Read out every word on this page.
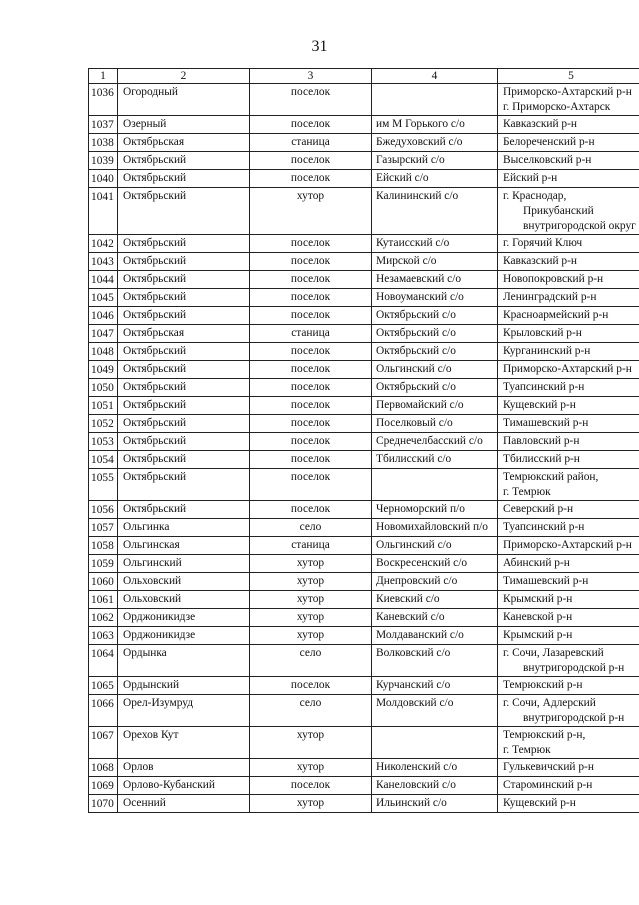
31
1	2	3	4	5
1036	Огородный	поселок		Приморско-Ахтарский р-н
г. Приморско-Ахтарск

1037	Озерный	поселок	им М Горького с/о	Кавказский р-н

1038	Октябрьская	станица	Бжедуховский с/о	Белореченский р-н

1039	Октябрьский	поселок	Газырский с/о	Выселковский р-н

1040	Октябрьский	поселок	Ейский с/о	Ейский р-н

1041	Октябрьский	хутор	Калининский с/о	г. Краснодар,
Прикубанский
внутригородской округ

1042	Октябрьский	поселок	Кутаисский с/о	г. Горячий Ключ

1043	Октябрьский	поселок	Мирской с/о	Кавказский р-н

1044	Октябрьский	поселок	Незамаевский с/о	Новопокровский р-н

1045	Октябрьский	поселок	Новоуманский с/о	Ленинградский р-н

1046	Октябрьский	поселок	Октябрьский с/о	Красноармейский р-н

1047	Октябрьская	станица	Октябрьский с/о	Крыловский р-н

1048	Октябрьский	поселок	Октябрьский с/о	Курганинский р-н

1049	Октябрьский	поселок	Ольгинский с/о	Приморско-Ахтарский р-н

1050	Октябрьский	поселок	Октябрьский с/о	Туапсинский р-н

1051	Октябрьский	поселок	Первомайский с/о	Кущевский р-н

1052	Октябрьский	поселок	Поселковый с/о	Тимашевский р-н

1053	Октябрьский	поселок	Среднечелбасский с/о	Павловский р-н

1054	Октябрьский	поселок	Тбилисский с/о	Тбилисский р-н

1055	Октябрьский	поселок		Темрюкский район,
г. Темрюк

1056	Октябрьский	поселок	Черноморский п/о	Северский р-н

1057	Ольгинка	село	Новомихайловский п/о	Туапсинский р-н

1058	Ольгинская	станица	Ольгинский с/о	Приморско-Ахтарский р-н

1059	Ольгинский	хутор	Воскресенский с/о	Абинский р-н

1060	Ольховский	хутор	Днепровский с/о	Тимашевский р-н

1061	Ольховский	хутор	Киевский с/о	Крымский р-н

1062	Орджоникидзе	хутор	Каневский с/о	Каневской р-н

1063	Орджоникидзе	хутор	Молдаванский с/о	Крымский р-н

1064	Ордынка	село	Волковский с/о	г. Сочи, Лазаревский
внутригородской р-н

1065	Ордынский	поселок	Курчанский с/о	Темрюкский р-н

1066	Орел-Изумруд	село	Молдовский с/о	г. Сочи, Адлерский
внутригородской р-н

1067	Орехов Кут	хутор		Темрюкский р-н,
г. Темрюк

1068	Орлов	хутор	Николенский с/о	Гулькевичский р-н

1069	Орлово-Кубанский	поселок	Канеловский с/о	Староминский р-н

1070	Осенний	хутор	Ильинский с/о	Кущевский р-н
